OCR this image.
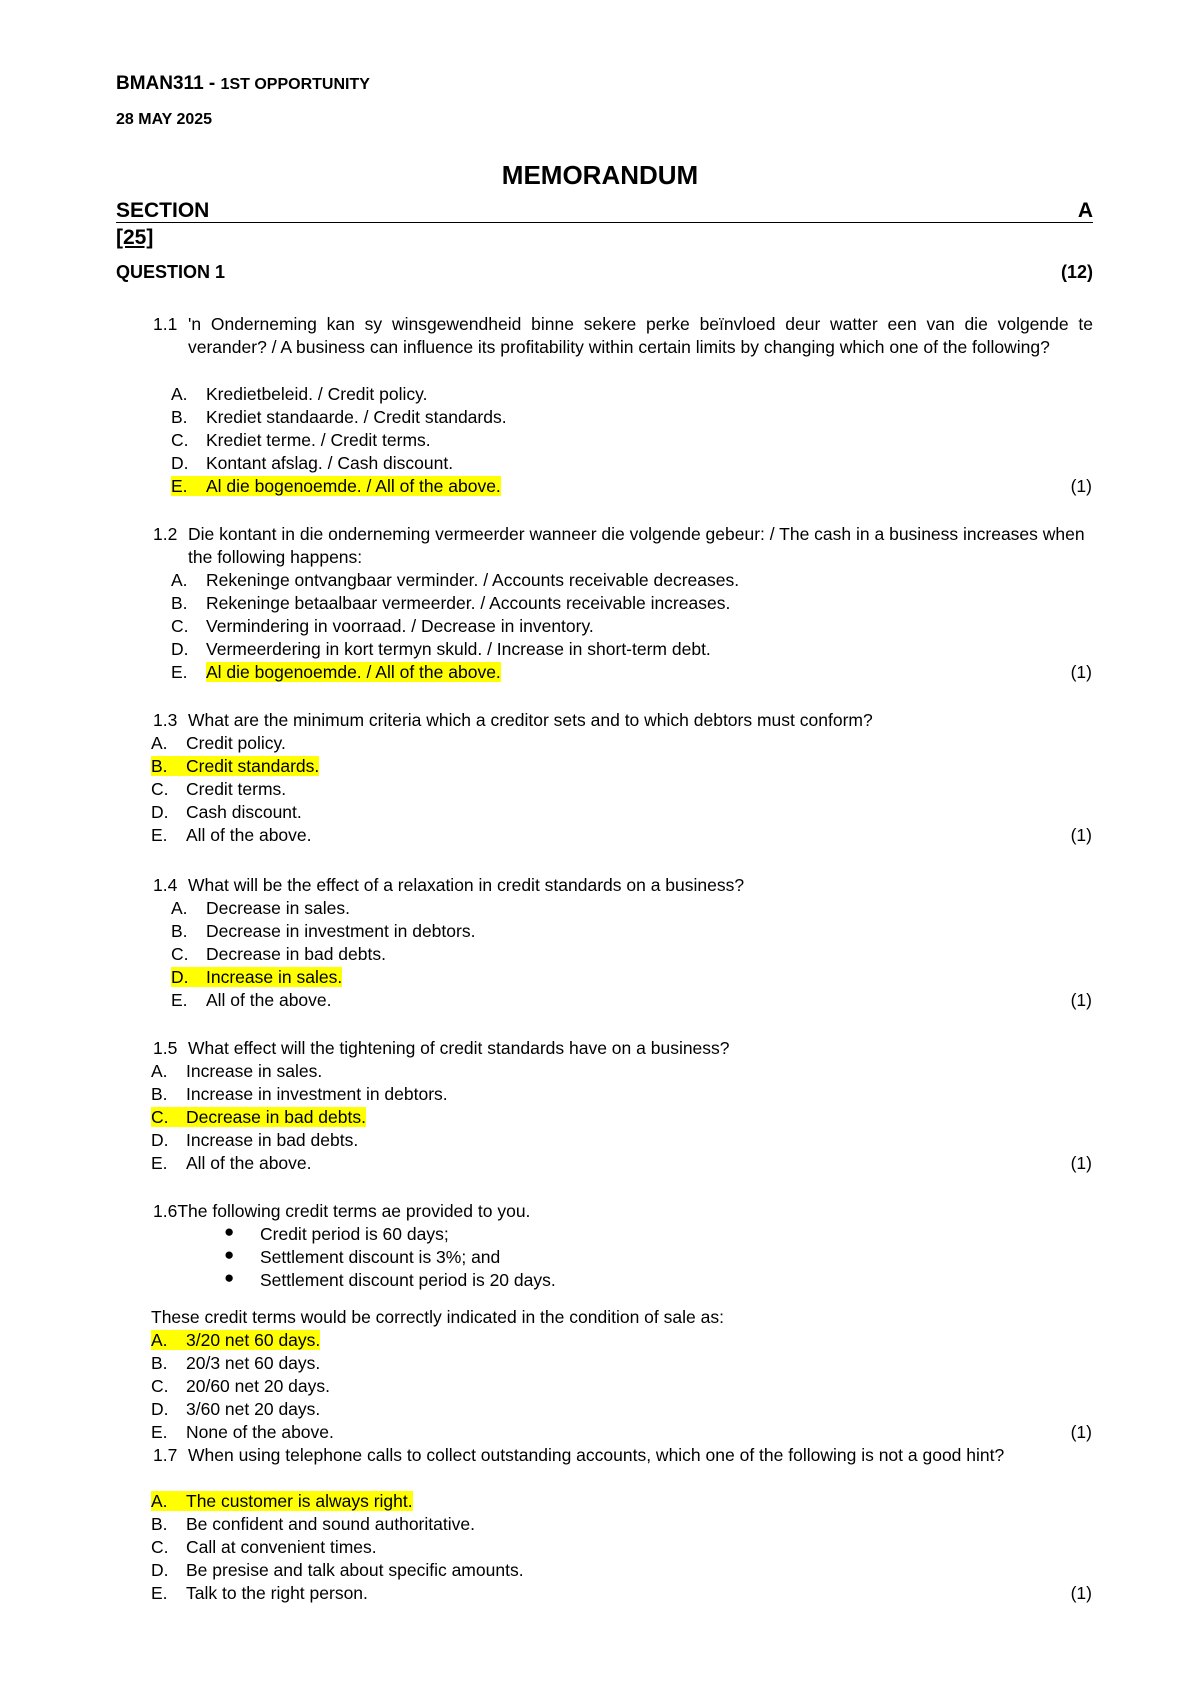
BMAN311 - 1ST OPPORTUNITY
28 MAY 2025
MEMORANDUM
SECTION	A
[25]
QUESTION 1	(12)
1.1 'n Onderneming kan sy winsgewendheid binne sekere perke beïnvloed deur watter een van die volgende te verander? / A business can influence its profitability within certain limits by changing which one of the following?
A. Kredietbeleid. / Credit policy.
B. Krediet standaarde. / Credit standards.
C. Krediet terme. / Credit terms.
D. Kontant afslag. / Cash discount.
E. Al die bogenoemde. / All of the above.	(1)
1.2 Die kontant in die onderneming vermeerder wanneer die volgende gebeur: / The cash in a business increases when the following happens:
A. Rekeninge ontvangbaar verminder. / Accounts receivable decreases.
B. Rekeninge betaalbaar vermeerder. / Accounts receivable increases.
C. Vermindering in voorraad. / Decrease in inventory.
D. Vermeerdering in kort termyn skuld. / Increase in short-term debt.
E. Al die bogenoemde. / All of the above.	(1)
1.3 What are the minimum criteria which a creditor sets and to which debtors must conform?
A. Credit policy.
B. Credit standards.
C. Credit terms.
D. Cash discount.
E. All of the above.	(1)
1.4 What will be the effect of a relaxation in credit standards on a business?
A. Decrease in sales.
B. Decrease in investment in debtors.
C. Decrease in bad debts.
D. Increase in sales.
E. All of the above.	(1)
1.5 What effect will the tightening of credit standards have on a business?
A. Increase in sales.
B. Increase in investment in debtors.
C. Decrease in bad debts.
D. Increase in bad debts.
E. All of the above.	(1)
1.6The following credit terms ae provided to you.
● Credit period is 60 days;
● Settlement discount is 3%; and
● Settlement discount period is 20 days.
These credit terms would be correctly indicated in the condition of sale as:
A. 3/20 net 60 days.
B. 20/3 net 60 days.
C. 20/60 net 20 days.
D. 3/60 net 20 days.
E. None of the above.	(1)
1.7 When using telephone calls to collect outstanding accounts, which one of the following is not a good hint?
A. The customer is always right.
B. Be confident and sound authoritative.
C. Call at convenient times.
D. Be presise and talk about specific amounts.
E. Talk to the right person.	(1)
